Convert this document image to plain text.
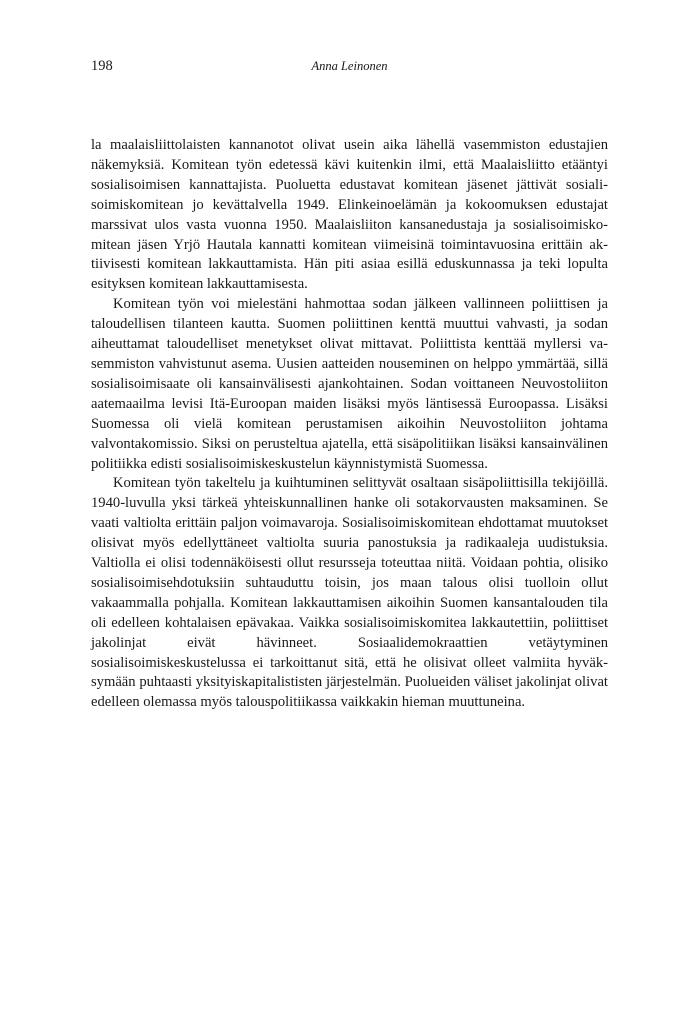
198	Anna Leinonen

la maalaisliittolaisten kannanotot olivat usein aika lähellä vasemmiston edustajien näkemyksiä. Komitean työn edetessä kävi kuitenkin ilmi, että Maalaisliitto etääntyi sosialisoimisen kannattajista. Puoluetta edustavat komitean jäsenet jättivät sosialisoimiskomitean jo kevättalvella 1949. Elinkeinoelämän ja kokoomuksen edustajat marssivat ulos vasta vuonna 1950. Maalaisliiton kansanedustaja ja sosialisoimiskomitean jäsen Yrjö Hautala kannatti komitean viimeisinä toimintavuosina erittäin aktiivisesti komitean lakkauttamista. Hän piti asiaa esillä eduskunnassa ja teki lopulta esityksen komitean lakkauttamisesta.

Komitean työn voi mielestäni hahmottaa sodan jälkeen vallinneen poliittisen ja taloudellisen tilanteen kautta. Suomen poliittinen kenttä muuttui vahvasti, ja sodan aiheuttamat taloudelliset menetykset olivat mittavat. Poliittista kenttää myllersi vasemmiston vahvistunut asema. Uusien aatteiden nouseminen on helppo ymmärtää, sillä sosialisoimisaate oli kansainvälisesti ajankohtainen. Sodan voittaneen Neuvostoliiton aatemaailma levisi Itä-Euroopan maiden lisäksi myös läntisessä Euroopassa. Lisäksi Suomessa oli vielä komitean perustamisen aikoihin Neuvostoliiton johtama valvontakomissio. Siksi on perusteltua ajatella, että sisäpolitiikan lisäksi kansainvälinen politiikka edisti sosialisoimiskeskustelun käynnistymistä Suomessa.

Komitean työn takeltelu ja kuihtuminen selittyvät osaltaan sisäpoliittisilla tekijöillä. 1940-luvulla yksi tärkeä yhteiskunnallinen hanke oli sotakorvausten maksaminen. Se vaati valtiolta erittäin paljon voimavaroja. Sosialisoimiskomitean ehdottamat muutokset olisivat myös edellyttäneet valtiolta suuria panostuksia ja radikaaleja uudistuksia. Valtiolla ei olisi todennäköisesti ollut resursseja toteuttaa niitä. Voidaan pohtia, olisiko sosialisoimisehdotuksiin suhtauduttu toisin, jos maan talous olisi tuolloin ollut vakaammalla pohjalla. Komitean lakkauttamisen aikoihin Suomen kansantalouden tila oli edelleen kohtalaisen epävakaa. Vaikka sosialisoimiskomitea lakkautettiin, poliittiset jakolinjat eivät hävinneet. Sosiaalidemokraattien vetäytyminen sosialisoimiskeskustelussa ei tarkoittanut sitä, että he olisivat olleet valmiita hyväksymään puhtaasti yksityiskapitalististen järjestelmän. Puolueiden väliset jakolinjat olivat edelleen olemassa myös talouspolitiikassa vaikkakin hieman muuttuneina.
